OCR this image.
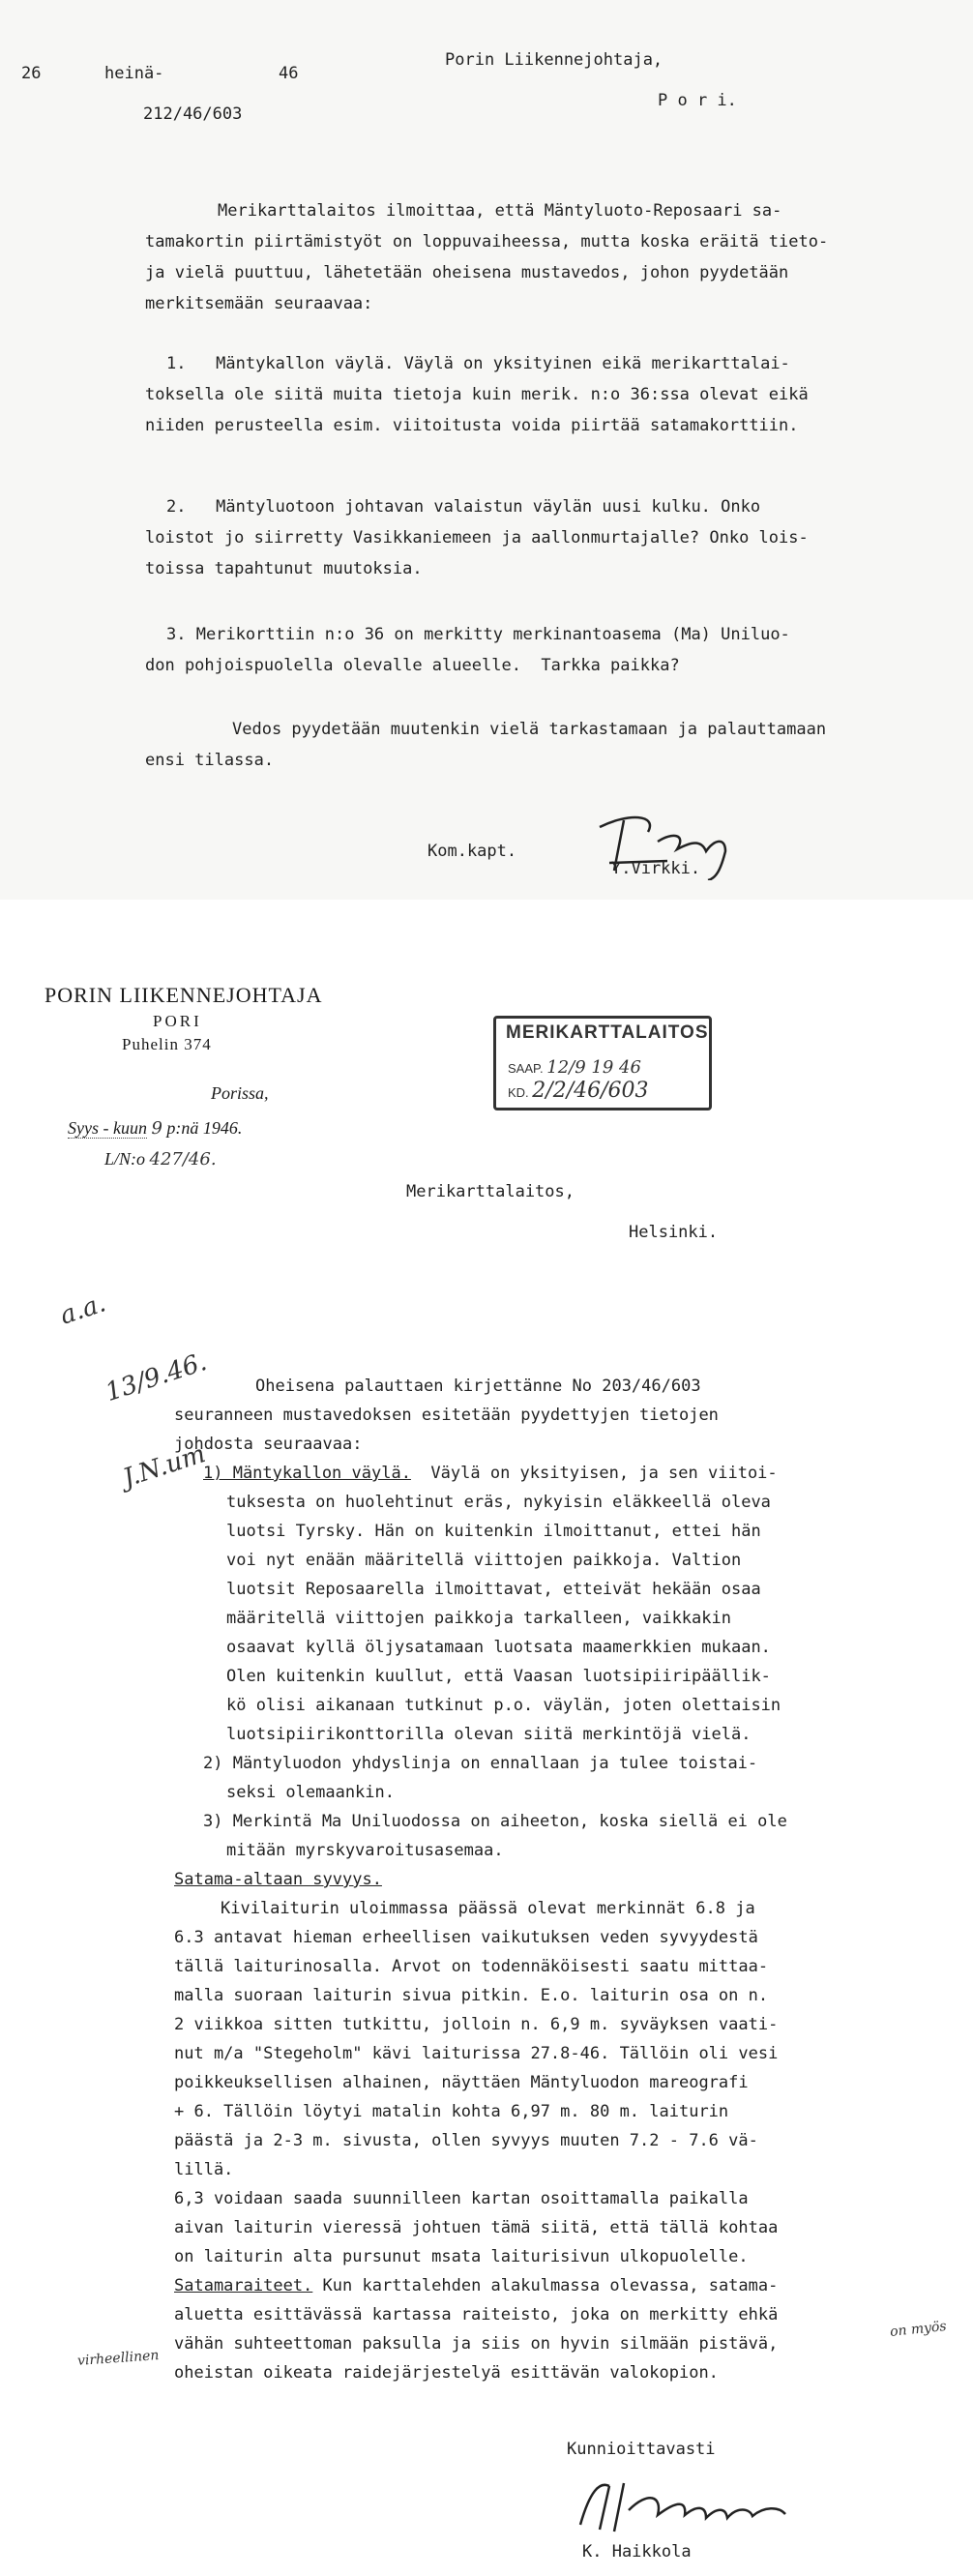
26	heinä-	46
212/46/603
Porin Liikennejohtaja,
P o r i.
Merikarttalaitos ilmoittaa, että Mäntyluoto-Reposaari sa-
tamakortin piirtämistyöt on loppuvaiheessa, mutta koska eräitä tieto-
ja vielä puuttuu, lähetetään oheisena mustavedos, johon pyydetään
merkitsemään seuraavaa:
1.   Mäntykallon väylä. Väylä on yksityinen eikä merikarttalai-
toksella ole siitä muita tietoja kuin merik. n:o 36:ssa olevat eikä
niiden perusteella esim. viitoitusta voida piirtää satamakorttiin.
2.   Mäntyluotoon johtavan valaistun väylän uusi kulku. Onko
loistot jo siirretty Vasikkaniemeen ja aallonmurtajalle? Onko lois-
toissa tapahtunut muutoksia.
3. Merikorttiin n:o 36 on merkitty merkinantoasema (Ma) Uniluo-
don pohjoispuolella olevalle alueelle.  Tarkka paikka?
Vedos pyydetään muutenkin vielä tarkastamaan ja palauttamaan
ensi tilassa.
Kom.kapt.
Y.Virkki.
PORIN LIIKENNEJOHTAJA
PORI
Puhelin 374
Porissa,
Syys - kuun 9 p:nä 1946.
L/N:o 427/46.
MERIKARTTALAITOS
SAAP. 12/9 19 46
KD. 2/2/46/603

a.a.

13/9.46.

J.N.um

Merikarttalaitos,
Helsinki.
Oheisena palauttaen kirjettänne No 203/46/603
seuranneen mustavedoksen esitetään pyydettyjen tietojen
johdosta seuraavaa:
1) Mäntykallon väylä. Väylä on yksityisen, ja sen viitoi-
tuksesta on huolehtinut eräs, nykyisin eläkkeellä oleva
luotsi Tyrsky. Hän on kuitenkin ilmoittanut, ettei hän
voi nyt enään määritellä viittojen paikkoja. Valtion
luotsit Reposaarella ilmoittavat, etteivät hekään osaa
määritellä viittojen paikkoja tarkalleen, vaikkakin
osaavat kyllä öljysatamaan luotsata maamerkkien mukaan.
Olen kuitenkin kuullut, että Vaasan luotsipiiripäällik-
kö olisi aikanaan tutkinut p.o. väylän, joten olettaisin
luotsipiirikonttorilla olevan siitä merkintöjä vielä.
2) Mäntyluodon yhdyslinja on ennallaan ja tulee toistai-
seksi olemaankin.
3) Merkintä Ma Uniluodossa on aiheeton, koska siellä ei ole
mitään myrskyvaroitusasemaa.
Satama-altaan syvyys.
Kivilaiturin uloimmassa päässä olevat merkinnät 6.8 ja
6.3 antavat hieman erheellisen vaikutuksen veden syvyydestä
tällä laiturinosalla. Arvot on todennäköisesti saatu mittaa-
malla suoraan laiturin sivua pitkin. E.o. laiturin osa on n.
2 viikkoa sitten tutkittu, jolloin n. 6,9 m. syväyksen vaati-
nut m/a "Stegeholm" kävi laiturissa 27.8-46. Tällöin oli vesi
poikkeuksellisen alhainen, näyttäen Mäntyluodon mareografi
+ 6. Tällöin löytyi matalin kohta 6,97 m. 80 m. laiturin
päästä ja 2-3 m. sivusta, ollen syvyys muuten 7.2 - 7.6 vä-
lillä.
6,3 voidaan saada suunnilleen kartan osoittamalla paikalla
aivan laiturin vieressä johtuen tämä siitä, että tällä kohtaa
on laiturin alta pursunut msata laiturisivun ulkopuolelle.
Satamaraiteet. Kun karttalehden alakulmassa olevassa, satama-
aluetta esittävässä kartassa raiteisto, joka on merkitty ehkä
vähän suhteettoman paksulla ja siis on hyvin silmään pistävä,
oheistan oikeata raidejärjestelyä esittävän valokopion.
virheellinen
on myös
Kunnioittavasti
K. Haikkola
